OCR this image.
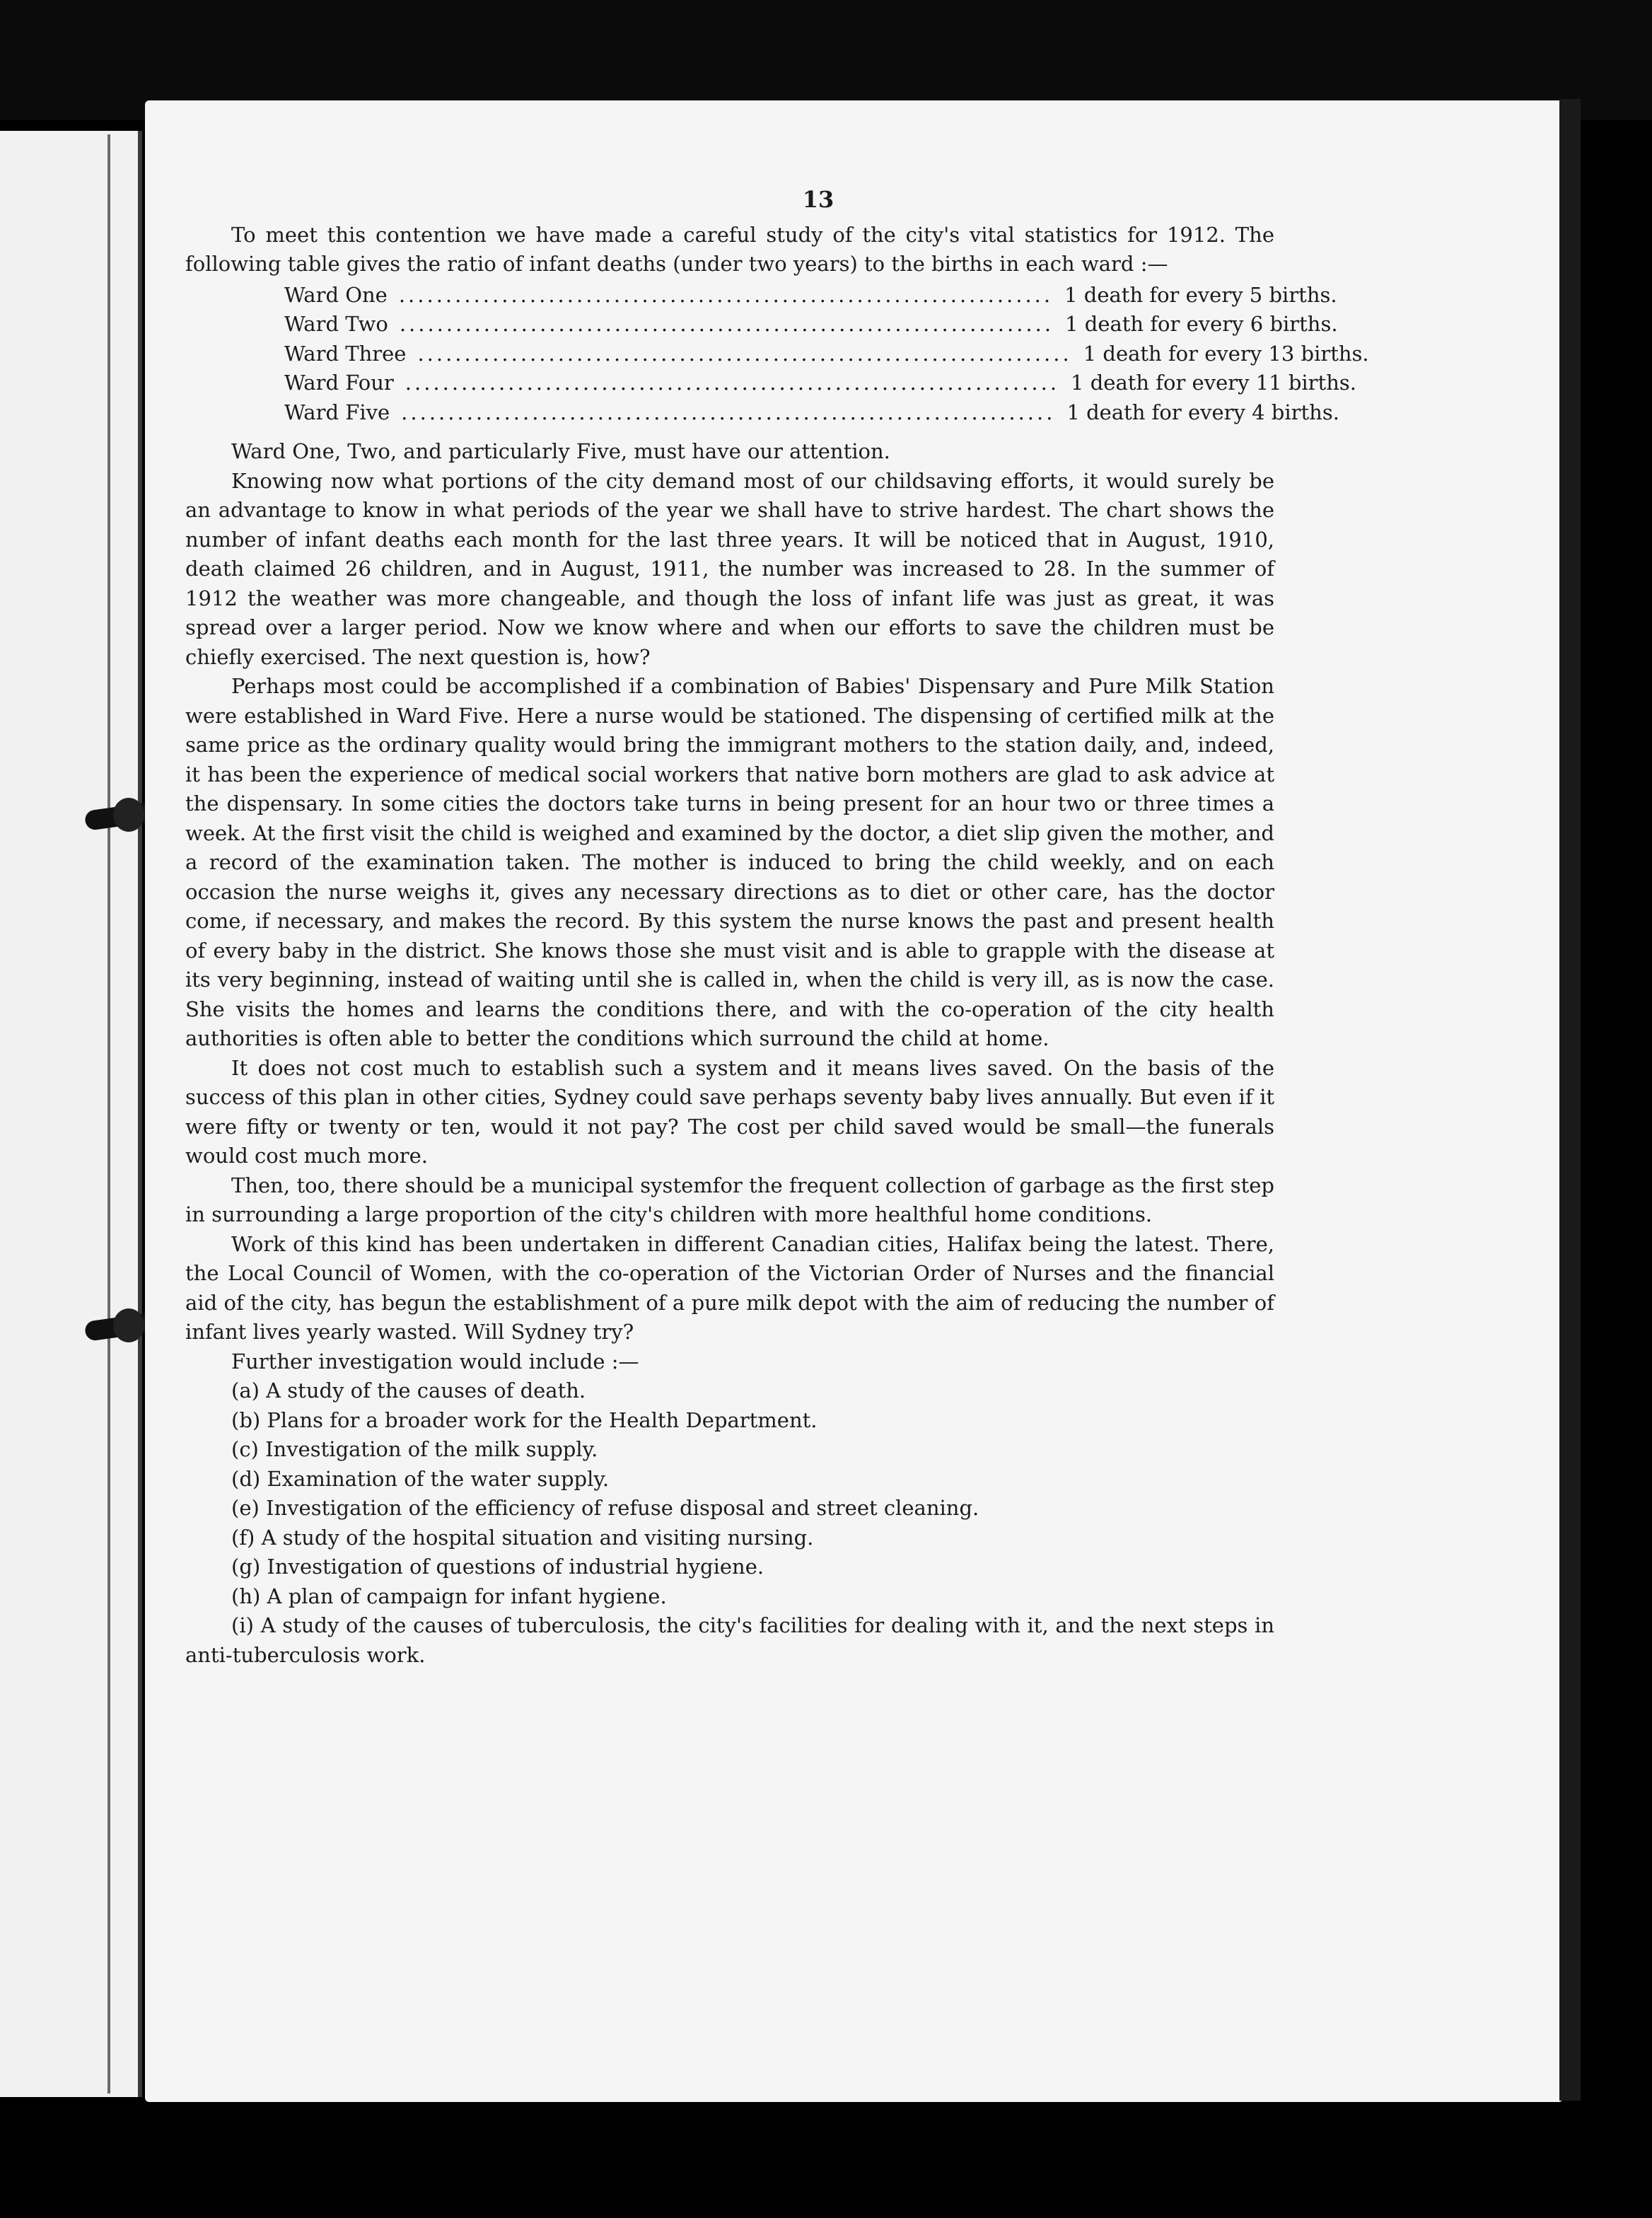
13

To meet this contention we have made a careful study of the city's vital statistics for 1912. The following table gives the ratio of infant deaths (under two years) to the births in each ward :—

Ward One ...................................................................... 1 death for every 5 births.
Ward Two ...................................................................... 1 death for every 6 births.
Ward Three ...................................................................... 1 death for every 13 births.
Ward Four ...................................................................... 1 death for every 11 births.
Ward Five ...................................................................... 1 death for every 4 births.

Ward One, Two, and particularly Five, must have our attention.

Knowing now what portions of the city demand most of our childsaving efforts, it would surely be an advantage to know in what periods of the year we shall have to strive hardest. The chart shows the number of infant deaths each month for the last three years. It will be noticed that in August, 1910, death claimed 26 children, and in August, 1911, the number was increased to 28. In the summer of 1912 the weather was more changeable, and though the loss of infant life was just as great, it was spread over a larger period. Now we know where and when our efforts to save the children must be chiefly exercised. The next question is, how?

Perhaps most could be accomplished if a combination of Babies' Dispensary and Pure Milk Station were established in Ward Five. Here a nurse would be stationed. The dispensing of certified milk at the same price as the ordinary quality would bring the immigrant mothers to the station daily, and, indeed, it has been the experience of medical social workers that native born mothers are glad to ask advice at the dispensary. In some cities the doctors take turns in being present for an hour two or three times a week. At the first visit the child is weighed and examined by the doctor, a diet slip given the mother, and a record of the examination taken. The mother is induced to bring the child weekly, and on each occasion the nurse weighs it, gives any necessary directions as to diet or other care, has the doctor come, if necessary, and makes the record. By this system the nurse knows the past and present health of every baby in the district. She knows those she must visit and is able to grapple with the disease at its very beginning, instead of waiting until she is called in, when the child is very ill, as is now the case. She visits the homes and learns the conditions there, and with the co-operation of the city health authorities is often able to better the conditions which surround the child at home.

It does not cost much to establish such a system and it means lives saved. On the basis of the success of this plan in other cities, Sydney could save perhaps seventy baby lives annually. But even if it were fifty or twenty or ten, would it not pay? The cost per child saved would be small—the funerals would cost much more.

Then, too, there should be a municipal systemfor the frequent collection of garbage as the first step in surrounding a large proportion of the city's children with more healthful home conditions.

Work of this kind has been undertaken in different Canadian cities, Halifax being the latest. There, the Local Council of Women, with the co-operation of the Victorian Order of Nurses and the financial aid of the city, has begun the establishment of a pure milk depot with the aim of reducing the number of infant lives yearly wasted. Will Sydney try?

Further investigation would include :—

(a) A study of the causes of death.

(b) Plans for a broader work for the Health Department.

(c) Investigation of the milk supply.

(d) Examination of the water supply.

(e) Investigation of the efficiency of refuse disposal and street cleaning.

(f) A study of the hospital situation and visiting nursing.

(g) Investigation of questions of industrial hygiene.

(h) A plan of campaign for infant hygiene.

(i) A study of the causes of tuberculosis, the city's facilities for dealing with it, and the next steps in anti-tuberculosis work.
